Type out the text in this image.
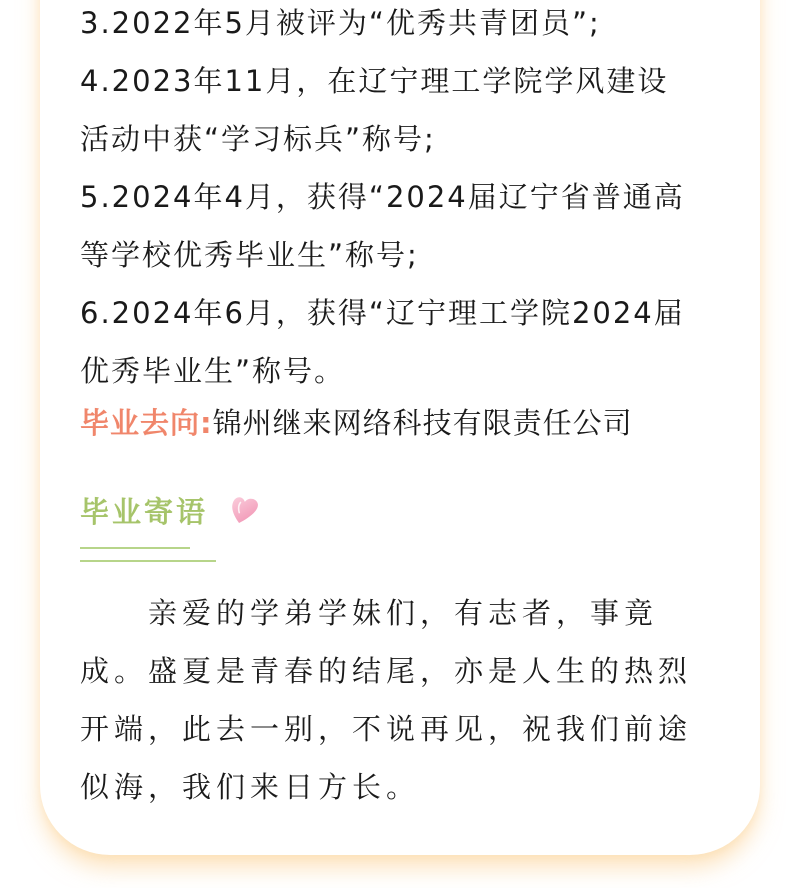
3.2022年5月被评为“优秀共青团员”;

4.2023年11月，在辽宁理工学院学风建设

活动中获“学习标兵”称号;

5.2024年4月，获得“2024届辽宁省普通高

等学校优秀毕业生”称号;

6.2024年6月，获得“辽宁理工学院2024届

优秀毕业生”称号。

毕业去向:锦州继来网络科技有限责任公司
毕业寄语

　　亲爱的学弟学妹们，有志者，事竟

成。盛夏是青春的结尾，亦是人生的热烈

开端，此去一别，不说再见，祝我们前途

似海，我们来日方长。
